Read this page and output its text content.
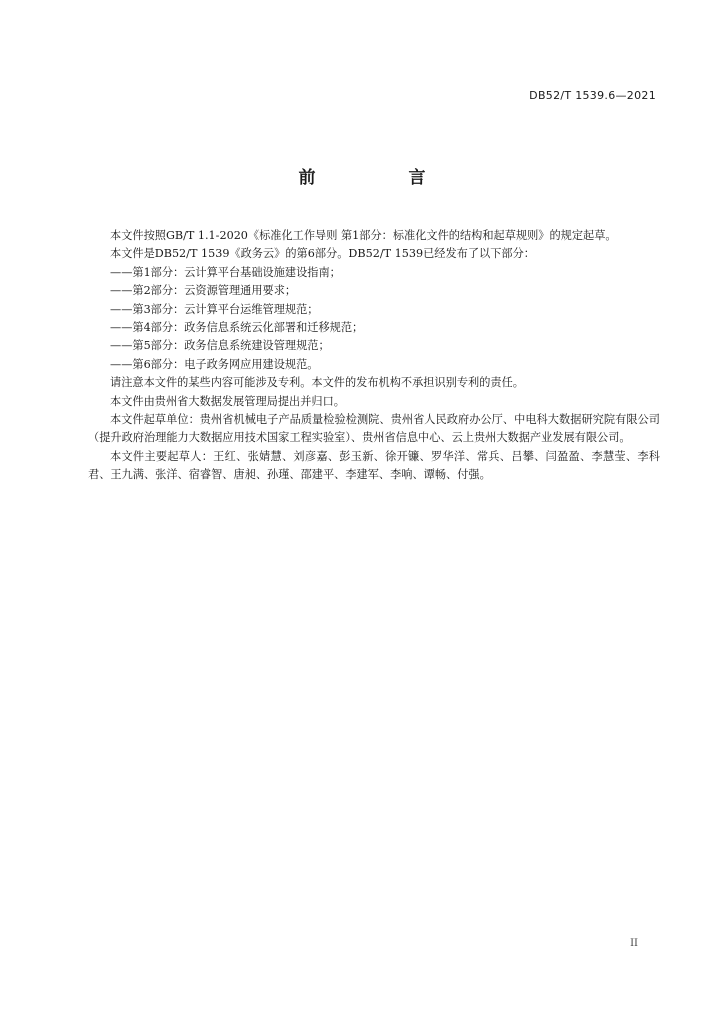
DB52/T 1539.6—2021
前　言

本文件按照GB/T 1.1-2020《标准化工作导则 第1部分：标准化文件的结构和起草规则》的规定起草。

本文件是DB52/T 1539《政务云》的第6部分。DB52/T 1539已经发布了以下部分：

——第1部分：云计算平台基础设施建设指南；

——第2部分：云资源管理通用要求；

——第3部分：云计算平台运维管理规范；

——第4部分：政务信息系统云化部署和迁移规范；

——第5部分：政务信息系统建设管理规范；

——第6部分：电子政务网应用建设规范。

请注意本文件的某些内容可能涉及专利。本文件的发布机构不承担识别专利的责任。

本文件由贵州省大数据发展管理局提出并归口。

本文件起草单位：贵州省机械电子产品质量检验检测院、贵州省人民政府办公厅、中电科大数据研究院有限公司（提升政府治理能力大数据应用技术国家工程实验室）、贵州省信息中心、云上贵州大数据产业发展有限公司。

本文件主要起草人：王红、张婧慧、刘彦嘉、彭玉新、徐开镰、罗华洋、常兵、吕攀、闫盈盈、李慧莹、李科君、王九满、张洋、宿睿智、唐昶、孙瑾、邵建平、李建军、李响、谭畅、付强。

II
